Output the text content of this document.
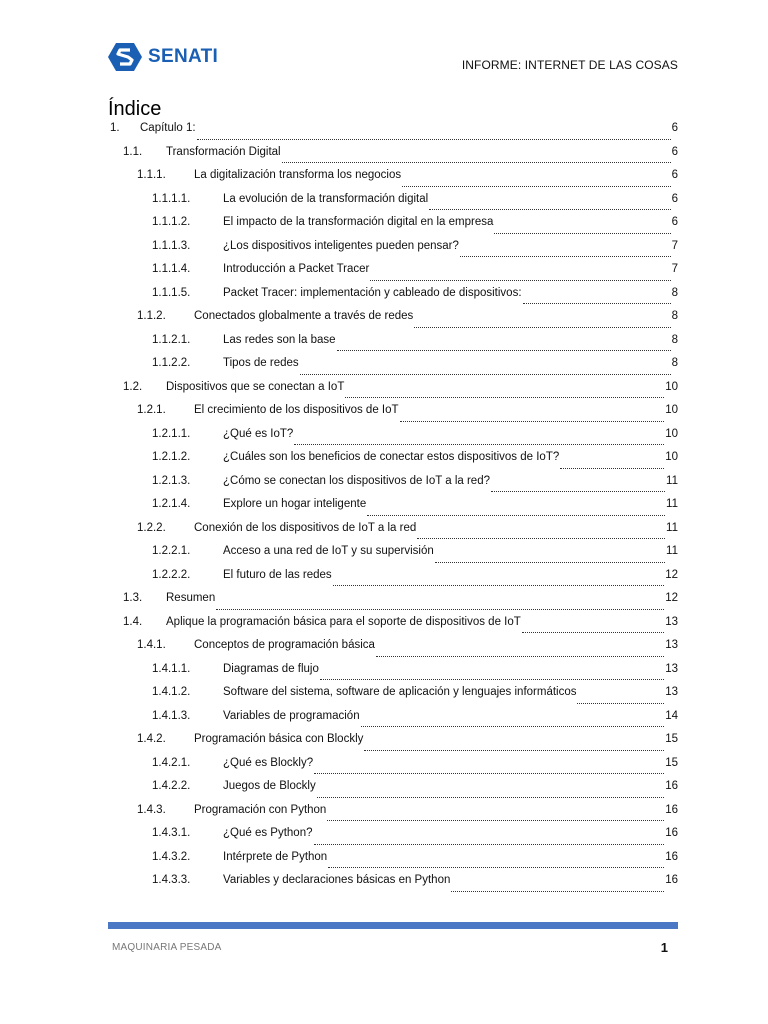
SENATI	INFORME: INTERNET DE LAS COSAS
Índice
1.	Capítulo 1:	6
1.1.	Transformación Digital	6
1.1.1.	La digitalización transforma los negocios	6
1.1.1.1.	La evolución de la transformación digital	6
1.1.1.2.	El impacto de la transformación digital en la empresa	6
1.1.1.3.	¿Los dispositivos inteligentes pueden pensar?	7
1.1.1.4.	Introducción a Packet Tracer	7
1.1.1.5.	Packet Tracer: implementación y cableado de dispositivos:	8
1.1.2.	Conectados globalmente a través de redes	8
1.1.2.1.	Las redes son la base	8
1.1.2.2.	Tipos de redes	8
1.2.	Dispositivos que se conectan a IoT	10
1.2.1.	El crecimiento de los dispositivos de IoT	10
1.2.1.1.	¿Qué es IoT?	10
1.2.1.2.	¿Cuáles son los beneficios de conectar estos dispositivos de IoT?	10
1.2.1.3.	¿Cómo se conectan los dispositivos de IoT a la red?	11
1.2.1.4.	Explore un hogar inteligente	11
1.2.2.	Conexión de los dispositivos de IoT a la red	11
1.2.2.1.	Acceso a una red de IoT y su supervisión	11
1.2.2.2.	El futuro de las redes	12
1.3.	Resumen	12
1.4.	Aplique la programación básica para el soporte de dispositivos de IoT	13
1.4.1.	Conceptos de programación básica	13
1.4.1.1.	Diagramas de flujo	13
1.4.1.2.	Software del sistema, software de aplicación y lenguajes informáticos	13
1.4.1.3.	Variables de programación	14
1.4.2.	Programación básica con Blockly	15
1.4.2.1.	¿Qué es Blockly?	15
1.4.2.2.	Juegos de Blockly	16
1.4.3.	Programación con Python	16
1.4.3.1.	¿Qué es Python?	16
1.4.3.2.	Intérprete de Python	16
1.4.3.3.	Variables y declaraciones básicas en Python	16
MAQUINARIA PESADA	1
